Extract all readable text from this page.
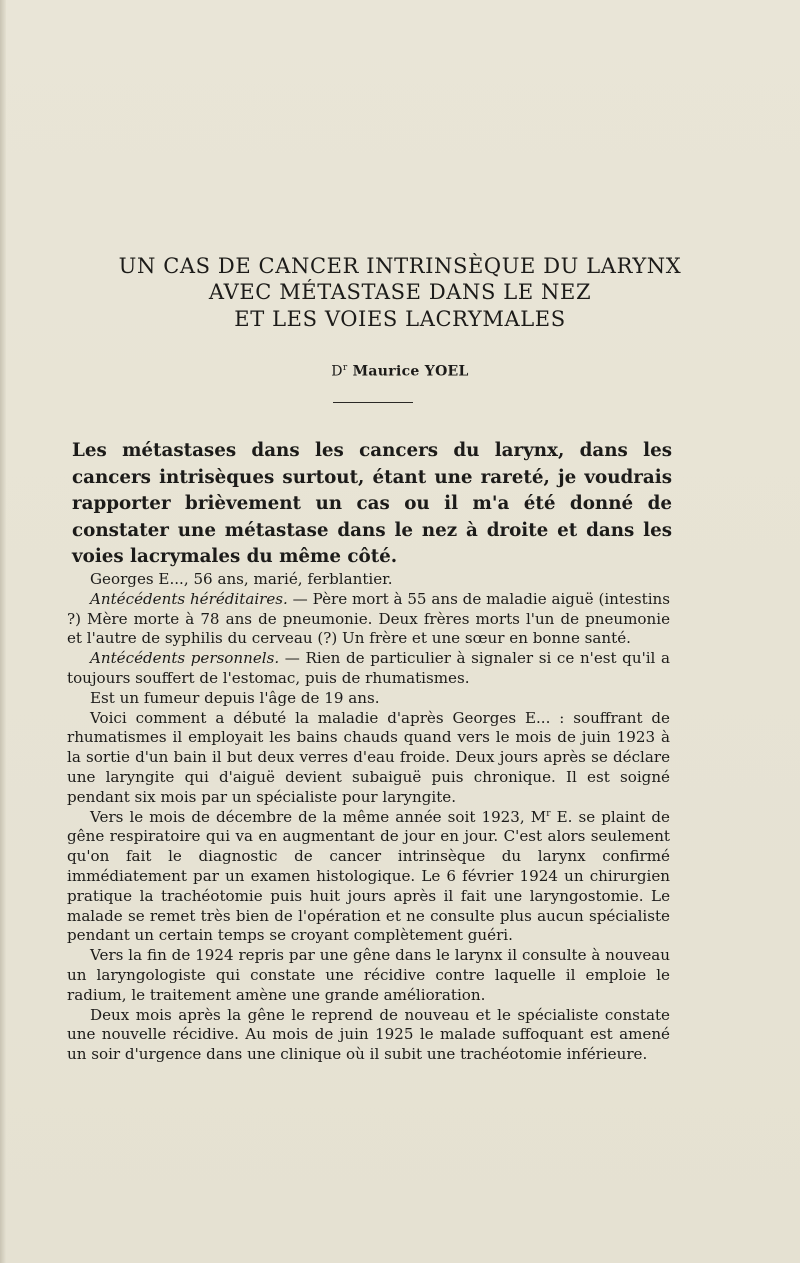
UN CAS DE CANCER INTRINSÈQUE DU LARYNX
AVEC MÉTASTASE DANS LE NEZ
ET LES VOIES LACRYMALES
$D^r$ Maurice YOEL

Les métastases dans les cancers du larynx, dans les cancers intrisèques surtout, étant une rareté, je voudrais rapporter brièvement un cas ou il m'a été donné de constater une métastase dans le nez à droite et dans les voies lacrymales du même côté.

Georges E..., 56 ans, marié, ferblantier.

Antécédents héréditaires. — Père mort à 55 ans de maladie aiguë (intestins ?) Mère morte à 78 ans de pneumonie. Deux frères morts l'un de pneumonie et l'autre de syphilis du cerveau (?) Un frère et une sœur en bonne santé.

Antécédents personnels. — Rien de particulier à signaler si ce n'est qu'il a toujours souffert de l'estomac, puis de rhumatismes.

Est un fumeur depuis l'âge de 19 ans.

Voici comment a débuté la maladie d'après Georges E... : souffrant de rhumatismes il employait les bains chauds quand vers le mois de juin 1923 à la sortie d'un bain il but deux verres d'eau froide. Deux jours après se déclare une laryngite qui d'aiguë devient subaiguë puis chronique. Il est soigné pendant six mois par un spécialiste pour laryngite.

Vers le mois de décembre de la même année soit 1923, $M^r$ E. se plaint de gêne respiratoire qui va en augmentant de jour en jour. C'est alors seulement qu'on fait le diagnostic de cancer intrinsèque du larynx confirmé immédiatement par un examen histologique. Le 6 février 1924 un chirurgien pratique la trachéotomie puis huit jours après il fait une laryngostomie. Le malade se remet très bien de l'opération et ne consulte plus aucun spécialiste pendant un certain temps se croyant complètement guéri.

Vers la fin de 1924 repris par une gêne dans le larynx il consulte à nouveau un laryngologiste qui constate une récidive contre laquelle il emploie le radium, le traitement amène une grande amélioration.

Deux mois après la gêne le reprend de nouveau et le spécialiste constate une nouvelle récidive. Au mois de juin 1925 le malade suffoquant est amené un soir d'urgence dans une clinique où il subit une trachéotomie inférieure.
